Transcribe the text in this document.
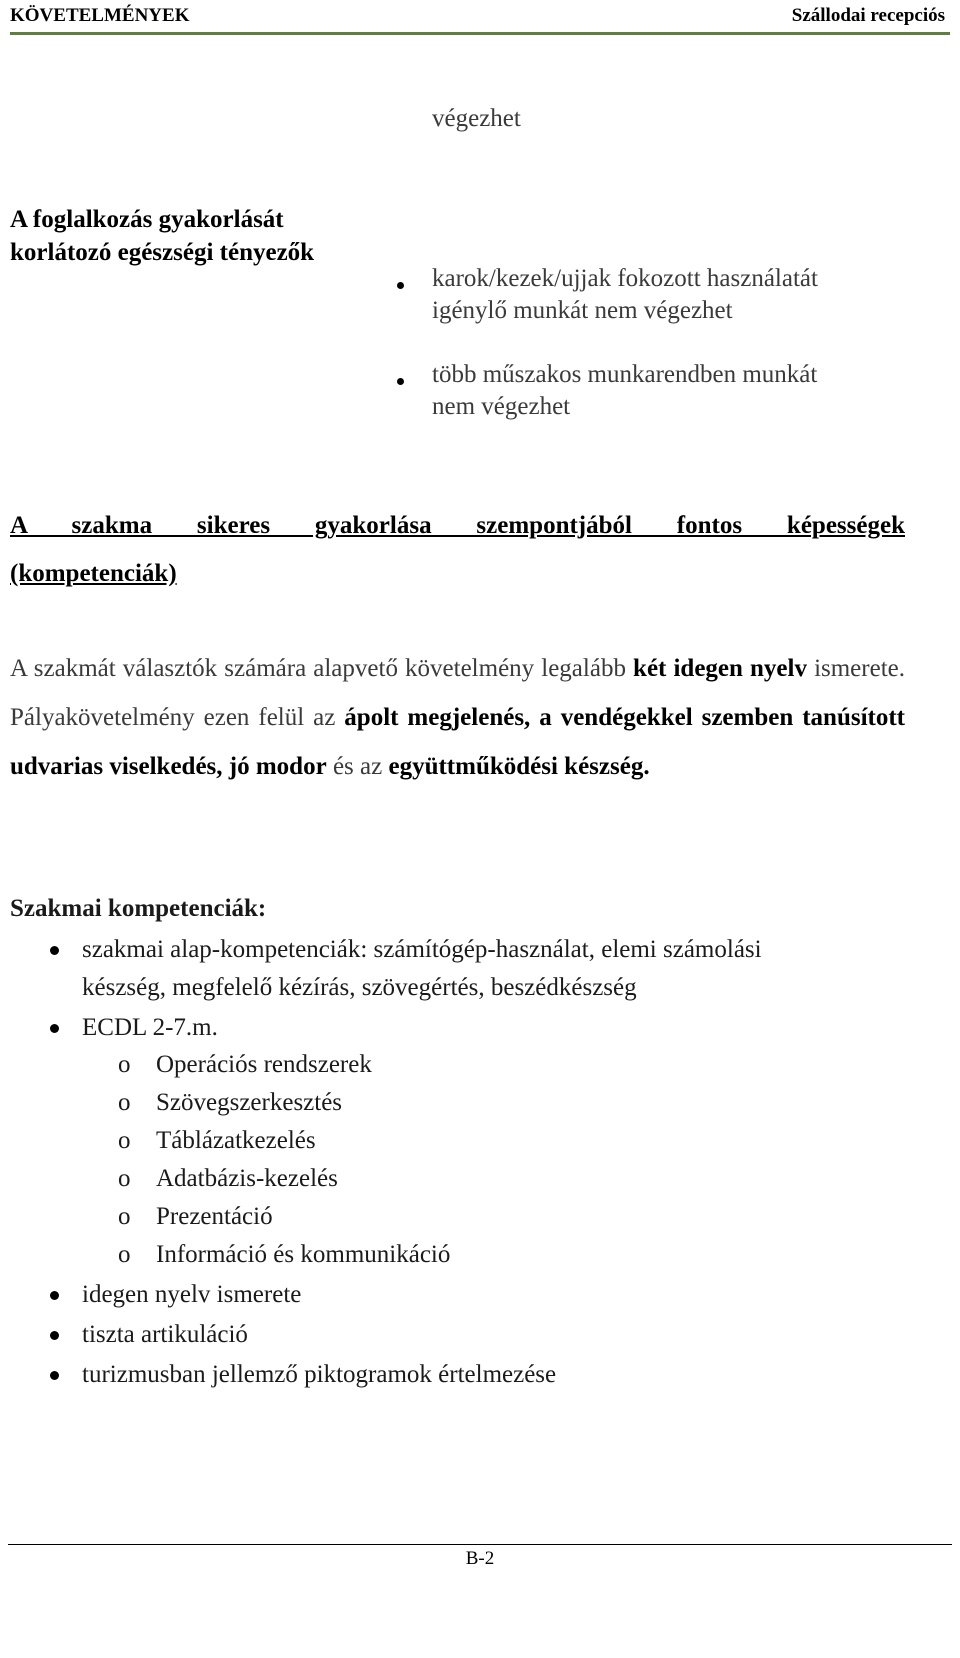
KÖVETELMÉNYEK	Szállodai recepciós
végezhet
A foglalkozás gyakorlását
korlátozó egészségi tényezők
karok/kezek/ujjak fokozott használatát
igénylő munkát nem végezhet
több műszakos munkarendben munkát
nem végezhet
A szakma sikeres gyakorlása szempontjából fontos képességek
(kompetenciák)
A szakmát választók számára alapvető követelmény legalább két idegen nyelv ismerete. Pályakövetelmény ezen felül az ápolt megjelenés, a vendégekkel szemben tanúsított udvarias viselkedés, jó modor és az együttműködési készség.
Szakmai kompetenciák:
szakmai alap-kompetenciák: számítógép-használat, elemi számolási
készség, megfelelő kézírás, szövegértés, beszédkészség
ECDL 2-7.m.
o Operációs rendszerek
o Szövegszerkesztés
o Táblázatkezelés
o Adatbázis-kezelés
o Prezentáció
o Információ és kommunikáció
idegen nyelv ismerete
tiszta artikuláció
turizmusban jellemző piktogramok értelmezése
B-2
